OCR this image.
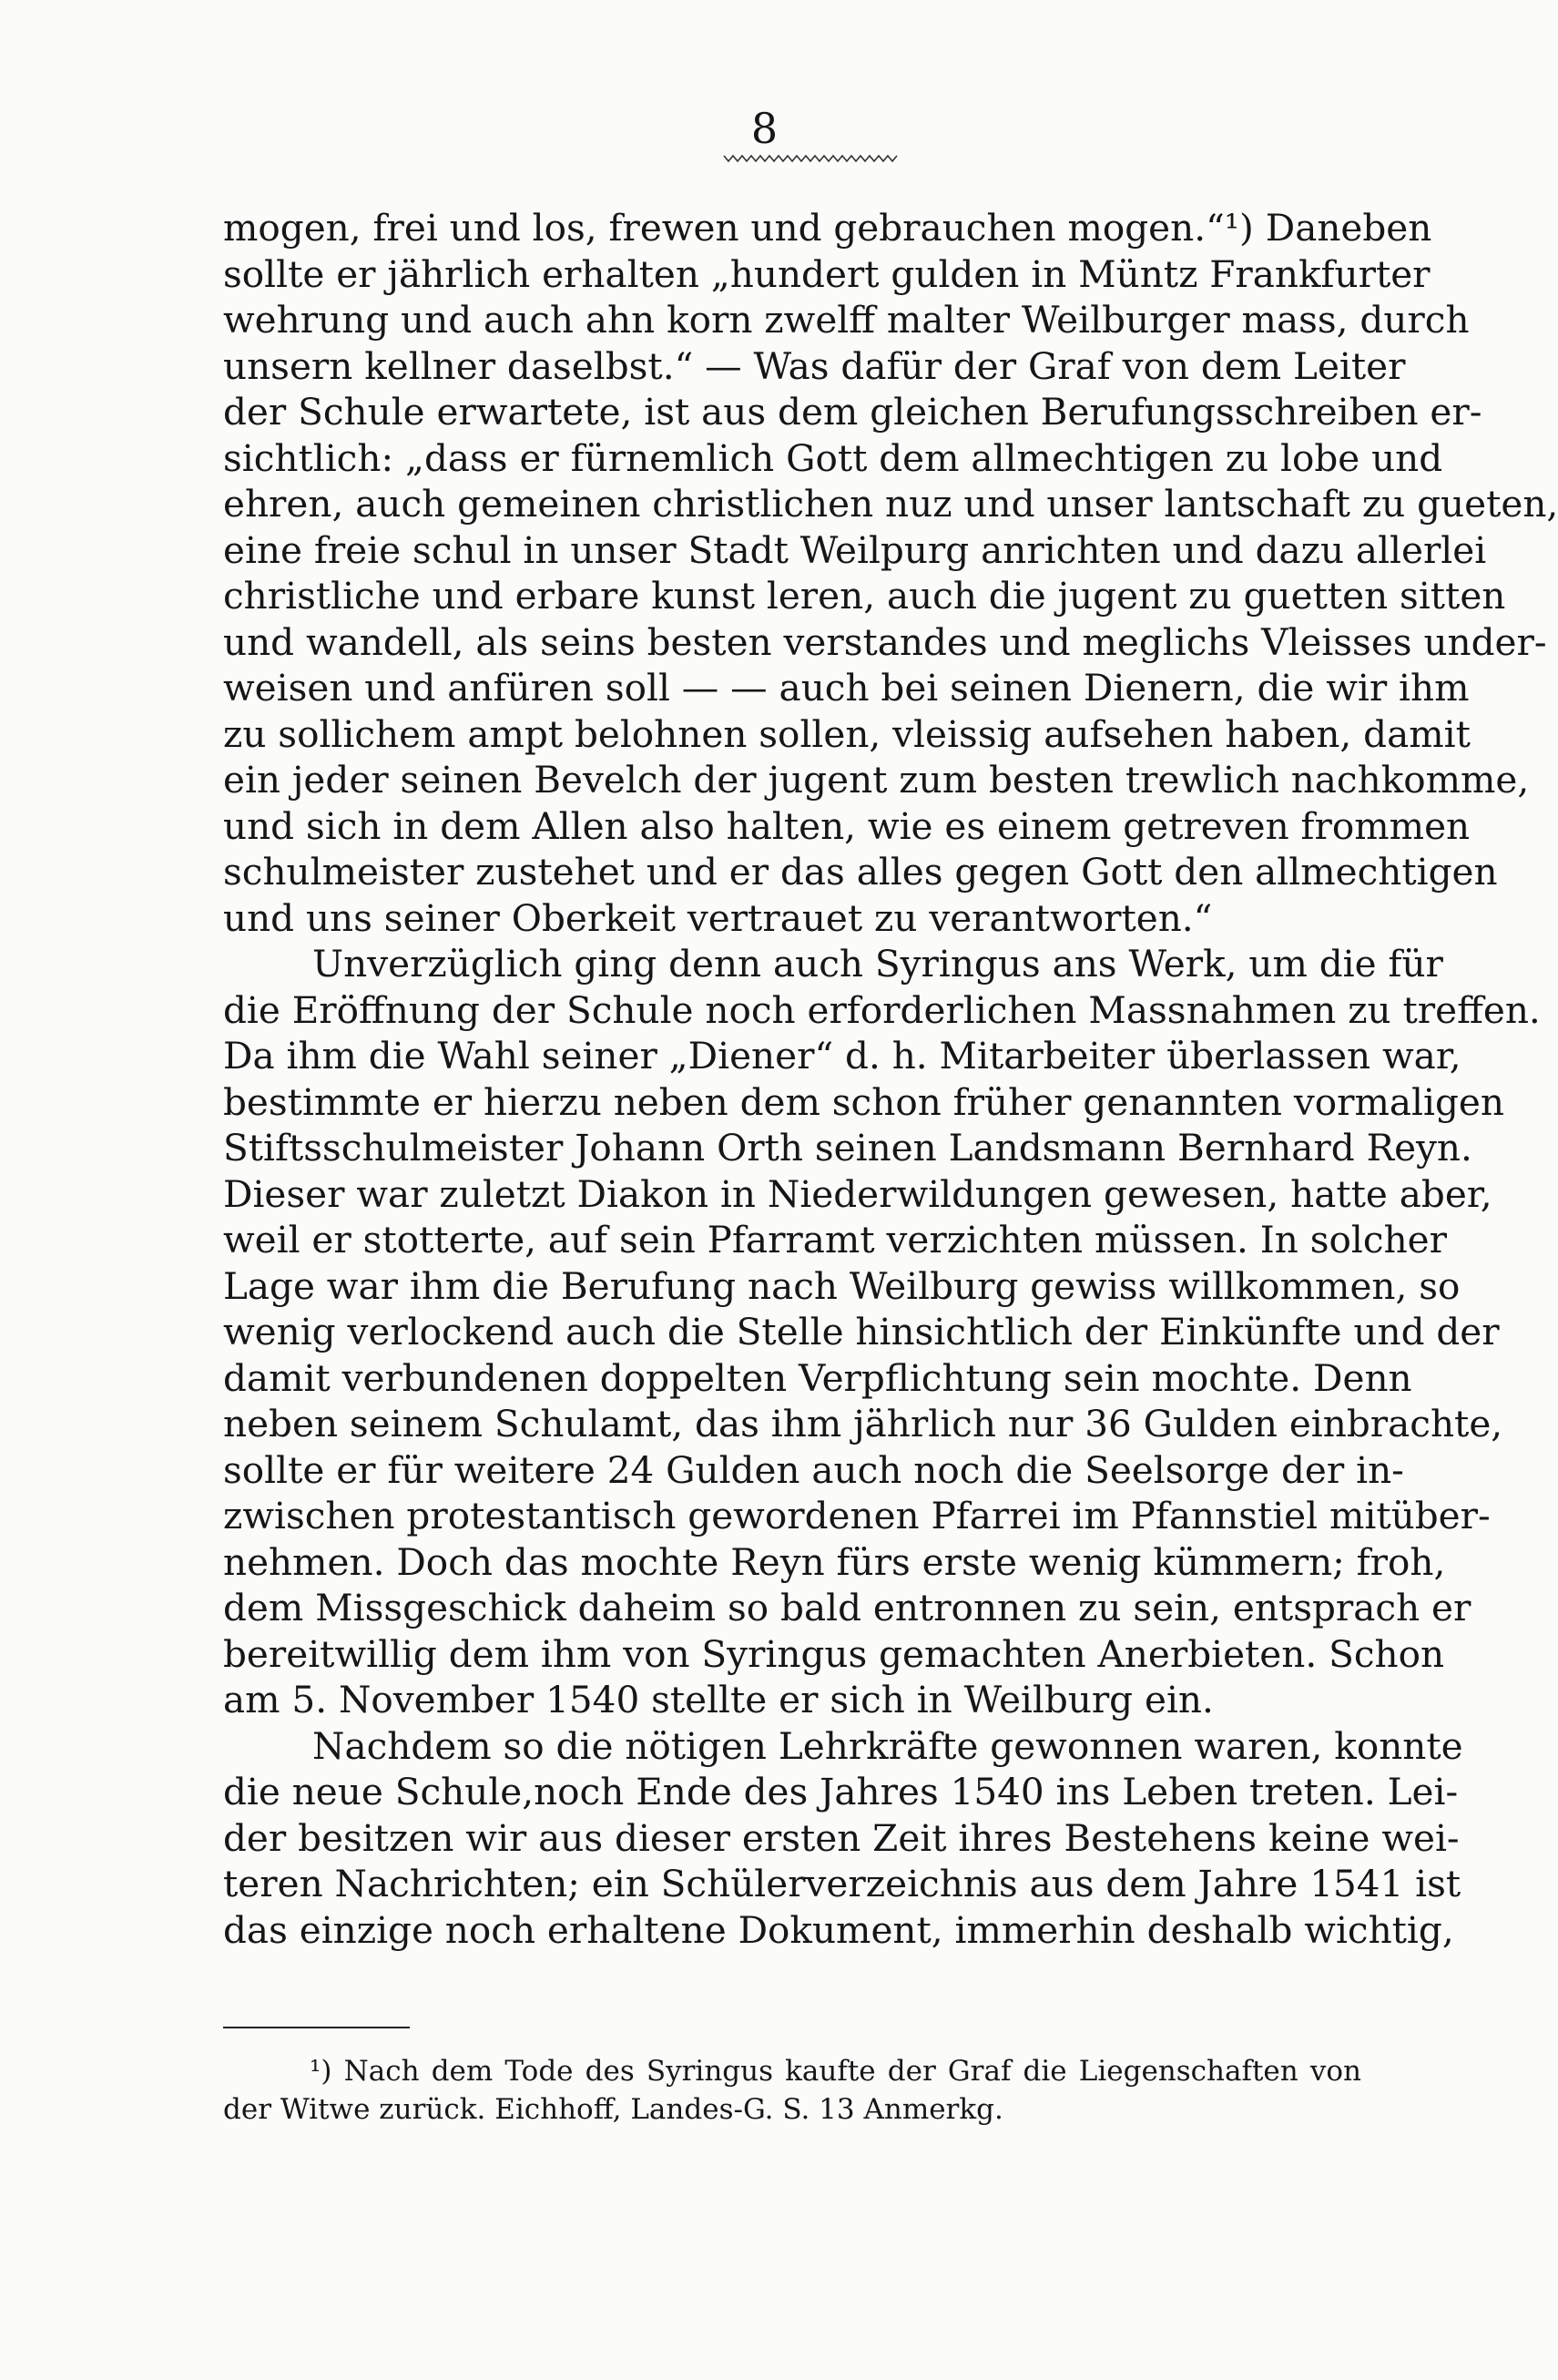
8
mogen, frei und los, frewen und gebrauchen mogen.“¹) Daneben
sollte er jährlich erhalten „hundert gulden in Müntz Frankfurter
wehrung und auch ahn korn zwelff malter Weilburger mass, durch
unsern kellner daselbst.“ — Was dafür der Graf von dem Leiter
der Schule erwartete, ist aus dem gleichen Berufungsschreiben er-
sichtlich: „dass er fürnemlich Gott dem allmechtigen zu lobe und
ehren, auch gemeinen christlichen nuz und unser lantschaft zu gueten,
eine freie schul in unser Stadt Weilpurg anrichten und dazu allerlei
christliche und erbare kunst leren, auch die jugent zu guetten sitten
und wandell, als seins besten verstandes und meglichs Vleisses under-
weisen und anfüren soll — — auch bei seinen Dienern, die wir ihm
zu sollichem ampt belohnen sollen, vleissig aufsehen haben, damit
ein jeder seinen Bevelch der jugent zum besten trewlich nachkomme,
und sich in dem Allen also halten, wie es einem getreven frommen
schulmeister zustehet und er das alles gegen Gott den allmechtigen
und uns seiner Oberkeit vertrauet zu verantworten.“
Unverzüglich ging denn auch Syringus ans Werk, um die für
die Eröffnung der Schule noch erforderlichen Massnahmen zu treffen.
Da ihm die Wahl seiner „Diener“ d. h. Mitarbeiter überlassen war,
bestimmte er hierzu neben dem schon früher genannten vormaligen
Stiftsschulmeister Johann Orth seinen Landsmann Bernhard Reyn.
Dieser war zuletzt Diakon in Niederwildungen gewesen, hatte aber,
weil er stotterte, auf sein Pfarramt verzichten müssen. In solcher
Lage war ihm die Berufung nach Weilburg gewiss willkommen, so
wenig verlockend auch die Stelle hinsichtlich der Einkünfte und der
damit verbundenen doppelten Verpflichtung sein mochte. Denn
neben seinem Schulamt, das ihm jährlich nur 36 Gulden einbrachte,
sollte er für weitere 24 Gulden auch noch die Seelsorge der in-
zwischen protestantisch gewordenen Pfarrei im Pfannstiel mitüber-
nehmen. Doch das mochte Reyn fürs erste wenig kümmern; froh,
dem Missgeschick daheim so bald entronnen zu sein, entsprach er
bereitwillig dem ihm von Syringus gemachten Anerbieten. Schon
am 5. November 1540 stellte er sich in Weilburg ein.
Nachdem so die nötigen Lehrkräfte gewonnen waren, konnte
die neue Schule,noch Ende des Jahres 1540 ins Leben treten. Lei-
der besitzen wir aus dieser ersten Zeit ihres Bestehens keine wei-
teren Nachrichten; ein Schülerverzeichnis aus dem Jahre 1541 ist
das einzige noch erhaltene Dokument, immerhin deshalb wichtig,
¹) Nach dem Tode des Syringus kaufte der Graf die Liegenschaften von
der Witwe zurück. Eichhoff, Landes-G. S. 13 Anmerkg.
